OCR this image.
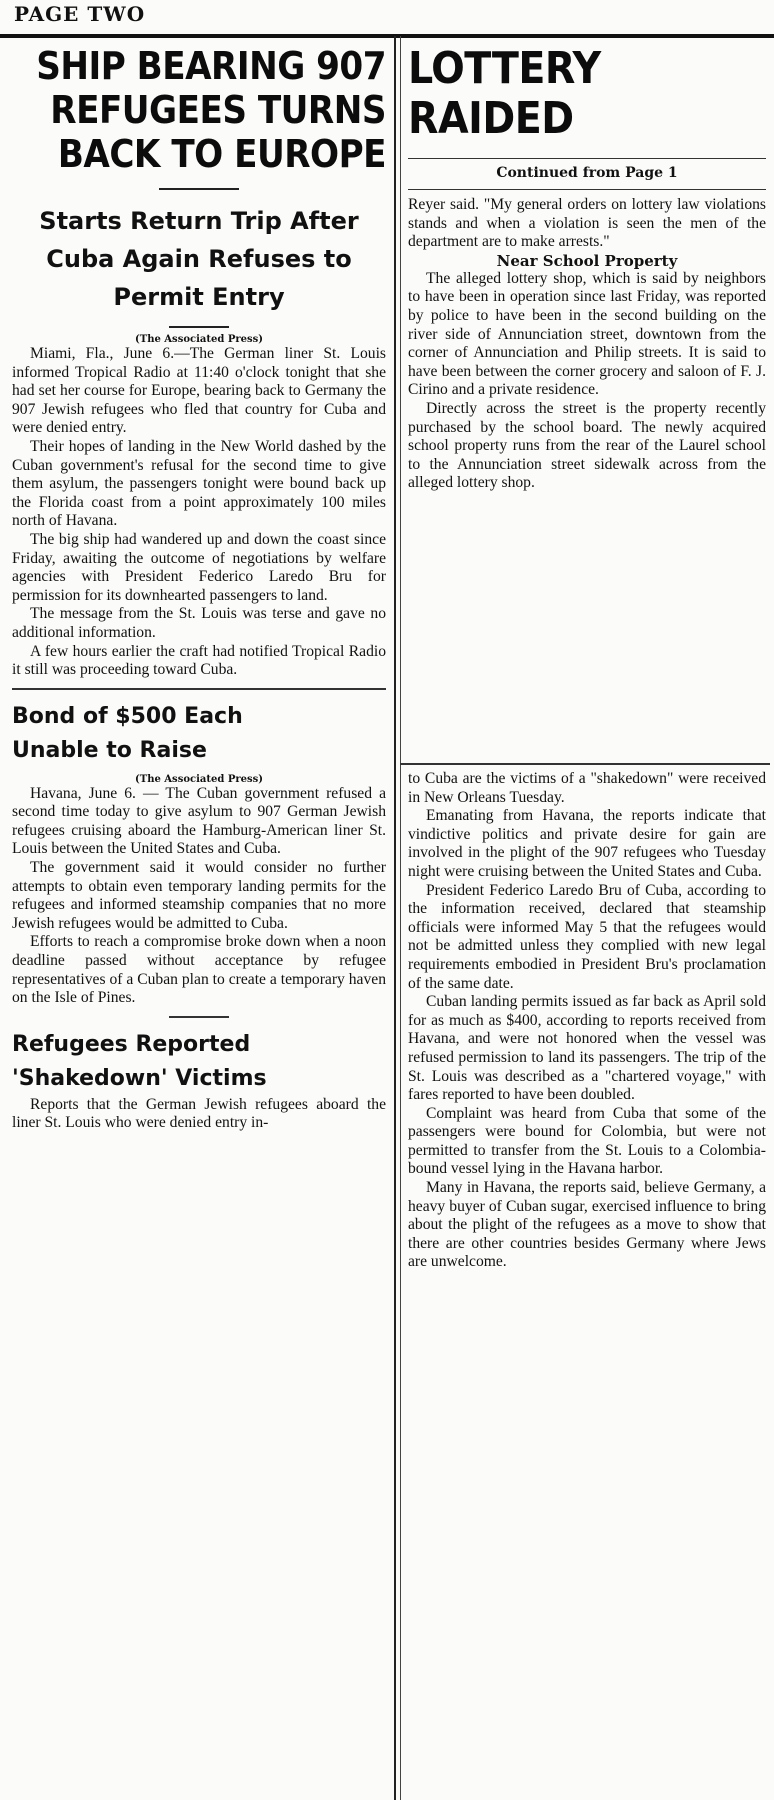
PAGE TWO
SHIP BEARING 907
REFUGEES TURNS
BACK TO EUROPE
Starts Return Trip After
Cuba Again Refuses to
Permit Entry

(The Associated Press)

Miami, Fla., June 6.—The German liner St. Louis informed Tropical Radio at 11:40 o'clock tonight that she had set her course for Europe, bearing back to Germany the 907 Jewish refugees who fled that country for Cuba and were denied entry.

Their hopes of landing in the New World dashed by the Cuban government's refusal for the second time to give them asylum, the passengers tonight were bound back up the Florida coast from a point approximately 100 miles north of Havana.

The big ship had wandered up and down the coast since Friday, awaiting the outcome of negotiations by welfare agencies with President Federico Laredo Bru for permission for its downhearted passengers to land.

The message from the St. Louis was terse and gave no additional information.

A few hours earlier the craft had notified Tropical Radio it still was proceeding toward Cuba.

Bond of $500 Each
Unable to Raise

(The Associated Press)

Havana, June 6. — The Cuban government refused a second time today to give asylum to 907 German Jewish refugees cruising aboard the Hamburg-American liner St. Louis between the United States and Cuba.

The government said it would consider no further attempts to obtain even temporary landing permits for the refugees and informed steamship companies that no more Jewish refugees would be admitted to Cuba.

Efforts to reach a compromise broke down when a noon deadline passed without acceptance by refugee representatives of a Cuban plan to create a temporary haven on the Isle of Pines.

Refugees Reported
'Shakedown' Victims

Reports that the German Jewish refugees aboard the liner St. Louis who were denied entry in-

LOTTERY RAIDED

Continued from Page 1

Reyer said. "My general orders on lottery law violations stands and when a violation is seen the men of the department are to make arrests."

Near School Property

The alleged lottery shop, which is said by neighbors to have been in operation since last Friday, was reported by police to have been in the second building on the river side of Annunciation street, downtown from the corner of Annunciation and Philip streets. It is said to have been between the corner grocery and saloon of F. J. Cirino and a private residence.

Directly across the street is the property recently purchased by the school board. The newly acquired school property runs from the rear of the Laurel school to the Annunciation street sidewalk across from the alleged lottery shop.

to Cuba are the victims of a "shakedown" were received in New Orleans Tuesday.

Emanating from Havana, the reports indicate that vindictive politics and private desire for gain are involved in the plight of the 907 refugees who Tuesday night were cruising between the United States and Cuba.

President Federico Laredo Bru of Cuba, according to the information received, declared that steamship officials were informed May 5 that the refugees would not be admitted unless they complied with new legal requirements embodied in President Bru's proclamation of the same date.

Cuban landing permits issued as far back as April sold for as much as $400, according to reports received from Havana, and were not honored when the vessel was refused permission to land its passengers. The trip of the St. Louis was described as a "chartered voyage," with fares reported to have been doubled.

Complaint was heard from Cuba that some of the passengers were bound for Colombia, but were not permitted to transfer from the St. Louis to a Colombia-bound vessel lying in the Havana harbor.

Many in Havana, the reports said, believe Germany, a heavy buyer of Cuban sugar, exercised influence to bring about the plight of the refugees as a move to show that there are other countries besides Germany where Jews are unwelcome.
